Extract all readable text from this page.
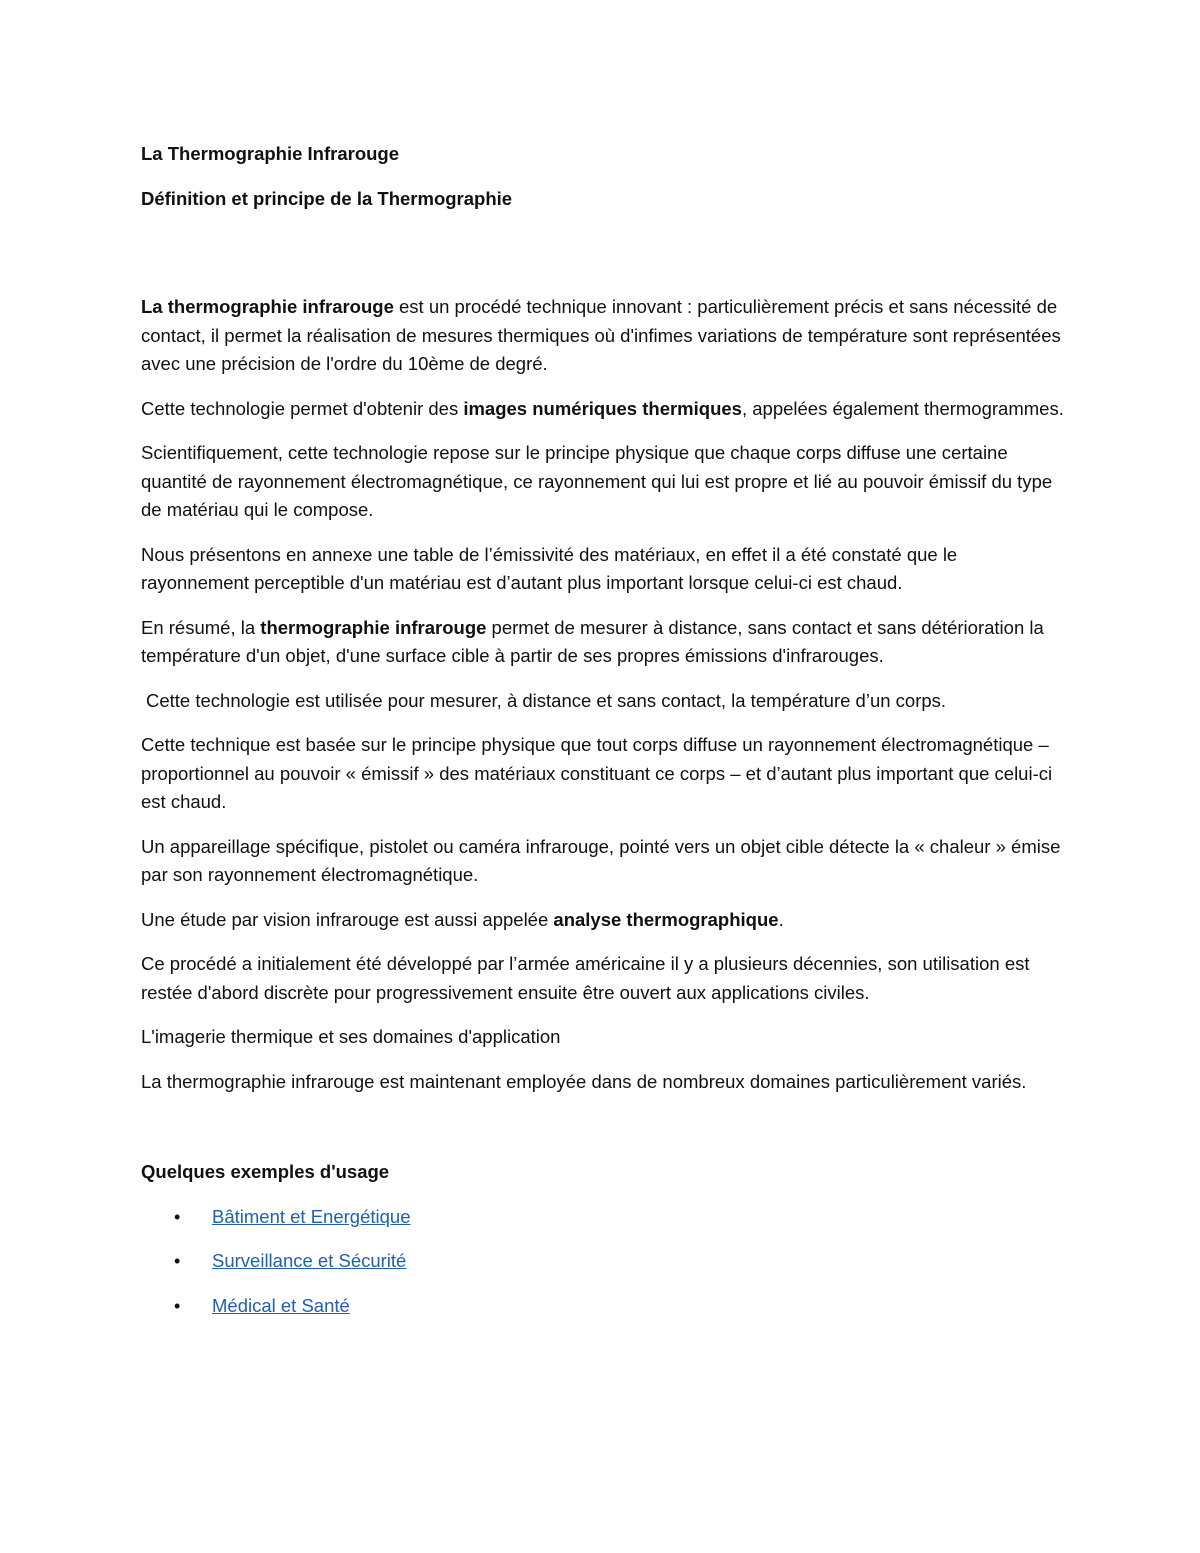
La Thermographie Infrarouge

Définition et principe de la Thermographie

La thermographie infrarouge est un procédé technique innovant : particulièrement précis et sans nécessité de contact, il permet la réalisation de mesures thermiques où d'infimes variations de température sont représentées avec une précision de l'ordre du 10ème de degré.

Cette technologie permet d'obtenir des images numériques thermiques, appelées également thermogrammes.

Scientifiquement, cette technologie repose sur le principe physique que chaque corps diffuse une certaine quantité de rayonnement électromagnétique, ce rayonnement qui lui est propre et lié au pouvoir émissif du type de matériau qui le compose.

Nous présentons en annexe une table de l’émissivité des matériaux, en effet il a été constaté que le rayonnement perceptible d'un matériau est d’autant plus important lorsque celui-ci est chaud.

En résumé, la thermographie infrarouge permet de mesurer à distance, sans contact et sans détérioration la température d'un objet, d'une surface cible à partir de ses propres émissions d'infrarouges.

Cette technologie est utilisée pour mesurer, à distance et sans contact, la température d’un corps.

Cette technique est basée sur le principe physique que tout corps diffuse un rayonnement électromagnétique – proportionnel au pouvoir « émissif » des matériaux constituant ce corps – et d’autant plus important que celui-ci est chaud.

Un appareillage spécifique, pistolet ou caméra infrarouge, pointé vers un objet cible détecte la « chaleur » émise par son rayonnement électromagnétique.

Une étude par vision infrarouge est aussi appelée analyse thermographique.

Ce procédé a initialement été développé par l’armée américaine il y a plusieurs décennies, son utilisation est restée d'abord discrète pour progressivement ensuite être ouvert aux applications civiles.

L'imagerie thermique et ses domaines d'application

La thermographie infrarouge est maintenant employée dans de nombreux domaines particulièrement variés.

Quelques exemples d'usage

• Bâtiment et Energétique
• Surveillance et Sécurité
• Médical et Santé
